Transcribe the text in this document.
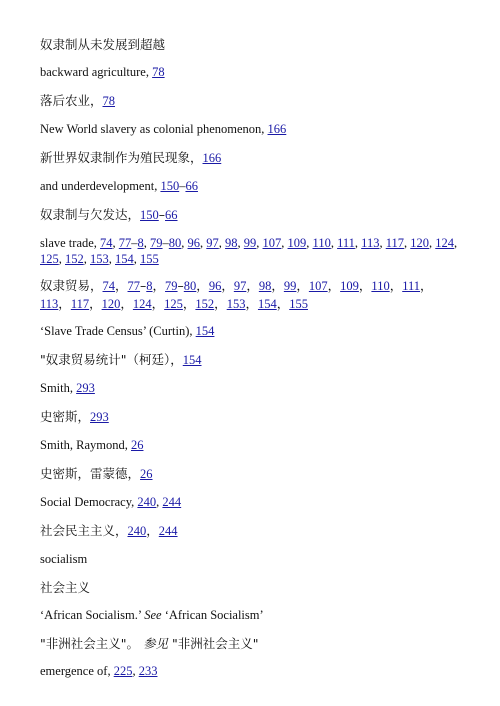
奴隶制从未发展到超越

backward agriculture, 78

落后农业，78

New World slavery as colonial phenomenon, 166

新世界奴隶制作为殖民现象，166

and underdevelopment, 150–66

奴隶制与欠发达，150–66

slave trade, 74, 77–8, 79–80, 96, 97, 98, 99, 107, 109, 110, 111, 113, 117, 120, 124, 125, 152, 153, 154, 155

奴隶贸易，74，77–8，79–80，96，97，98，99，107，109，110，111，113，117，120，124，125，152，153，154，155

‘Slave Trade Census’ (Curtin), 154

"奴隶贸易统计"（柯廷），154

Smith, 293

史密斯，293

Smith, Raymond, 26

史密斯，雷蒙德，26

Social Democracy, 240, 244

社会民主主义，240，244

socialism

社会主义

‘African Socialism.’ See ‘African Socialism’

"非洲社会主义"。 参见 "非洲社会主义"

emergence of, 225, 233
